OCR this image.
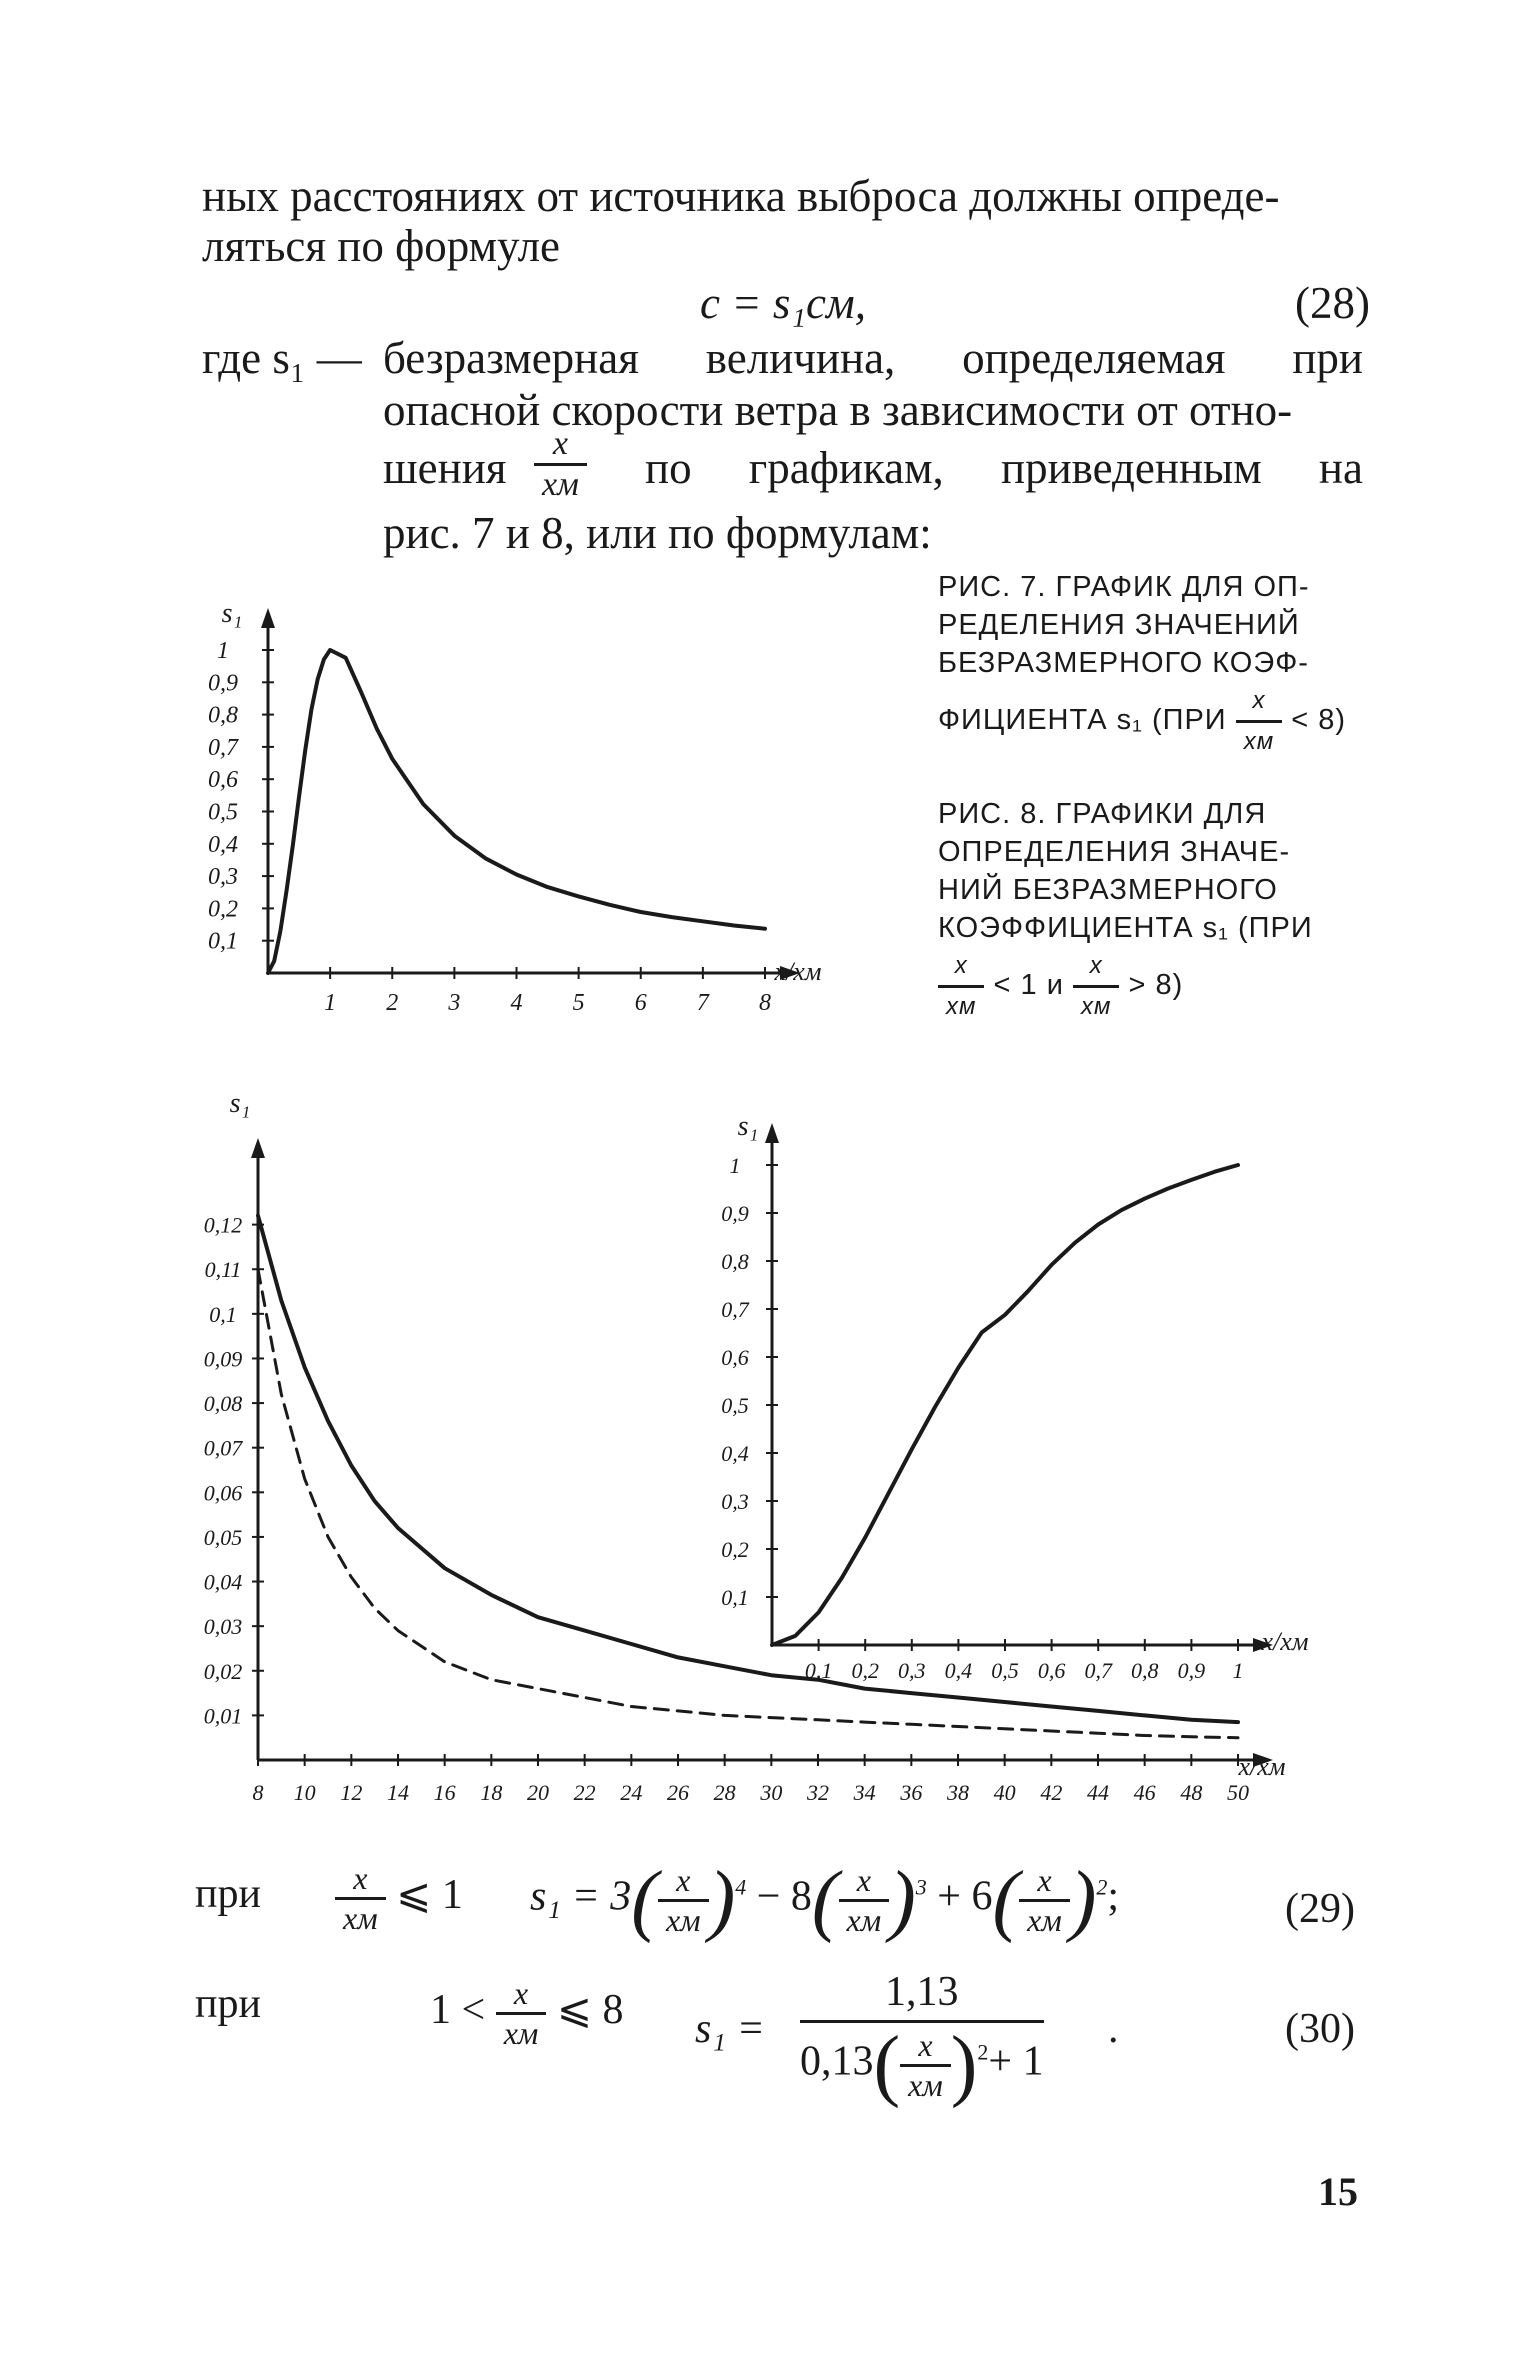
ных расстояниях от источника выброса должны опреде-
ляться по формуле
c = s₁cм,	(28)
где s₁ — безразмерная величина, определяемая при
опасной скорости ветра в зависимости от отно-
шения $\frac{x}{xм}$ по графикам, приведенным на
рис. 7 и 8, или по формулам:
РИС. 7. ГРАФИК ДЛЯ ОП-
РЕДЕЛЕНИЯ ЗНАЧЕНИЙ
БЕЗРАЗМЕРНОГО КОЭФ-
ФИЦИЕНТА s₁ $(ПРИ \frac{x}{xм} < 8)$
РИС. 8. ГРАФИКИ ДЛЯ
ОПРЕДЕЛЕНИЯ ЗНАЧЕ-
НИЙ БЕЗРАЗМЕРНОГО
КОЭФФИЦИЕНТА s₁ (ПРИ
$\frac{x}{xм} < 1$ и $\frac{x}{xм} > 8$)
0,1
0,2
0,3
0,4
0,5
0,6
0,7
0,8
0,9
1
1 2 3 4 5 6 7 8
x/xм
s₁
0,01
0,02
0,03
0,04
0,05
0,06
0,07
0,08
0,09
0,1
0,11
0,12
8 10 12 14 16 18 20 22 24 26 28 30 32 34 36 38 40 42 44 46 48 50
x/xм
s₁
0,1
0,2
0,3
0,4
0,5
0,6
0,7
0,8
0,9
1
0,1 0,2 0,3 0,4 0,5 0,6 0,7 0,8 0,9 1
x/xм
s₁
при $\frac{x}{xм}$ ⩽ 1 $s_1 = 3( \frac{x}{xм} )^4 - 8( \frac{x}{xм} )^3 + 6( \frac{x}{xм} )^2$;	(29)
при	$1 < \frac{x}{xм}$ ⩽ 8 s₁ =
1,13
$0,13( \frac{x}{xм} )^2+ 1$
.	(30)
15
